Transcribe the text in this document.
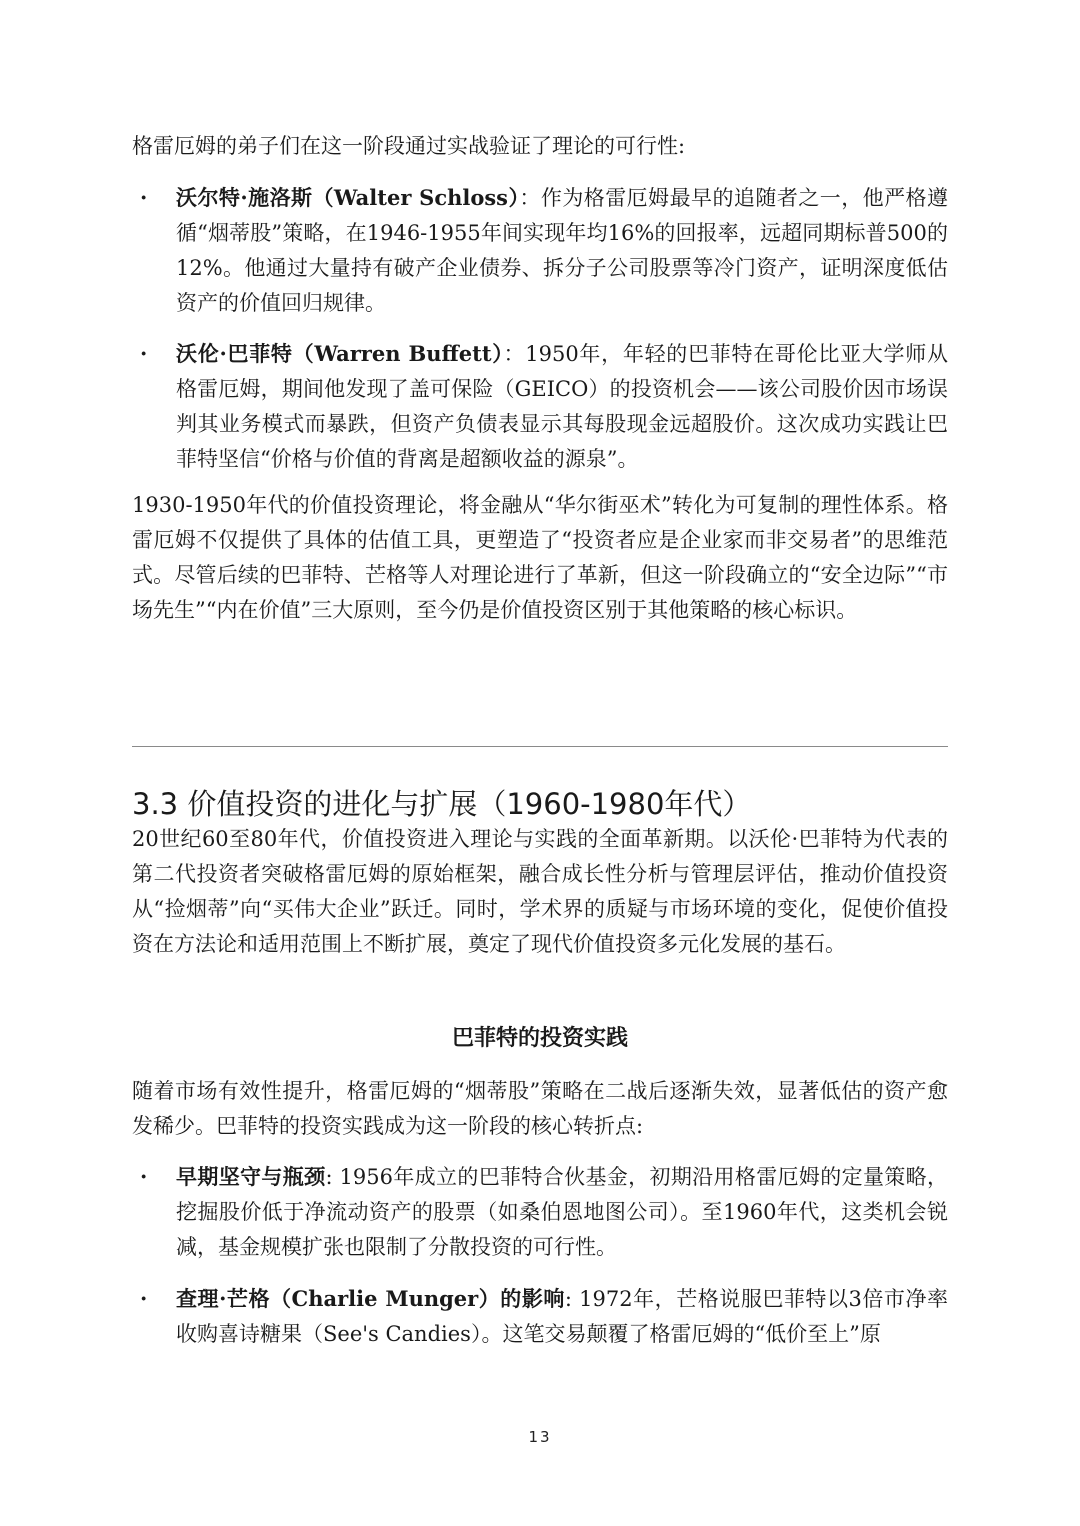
格雷厄姆的弟子们在这一阶段通过实战验证了理论的可行性:

· 沃尔特·施洛斯（Walter Schloss）：作为格雷厄姆最早的追随者之一，他严格遵循“烟蒂股”策略，在1946-1955年间实现年均16%的回报率，远超同期标普500的12%。他通过大量持有破产企业债券、拆分子公司股票等冷门资产，证明深度低估资产的价值回归规律。

· 沃伦·巴菲特（Warren Buffett）：1950年，年轻的巴菲特在哥伦比亚大学师从格雷厄姆，期间他发现了盖可保险（GEICO）的投资机会——该公司股价因市场误判其业务模式而暴跌，但资产负债表显示其每股现金远超股价。这次成功实践让巴菲特坚信“价格与价值的背离是超额收益的源泉”。

1930-1950年代的价值投资理论，将金融从“华尔街巫术”转化为可复制的理性体系。格雷厄姆不仅提供了具体的估值工具，更塑造了“投资者应是企业家而非交易者”的思维范式。尽管后续的巴菲特、芒格等人对理论进行了革新，但这一阶段确立的“安全边际”“市场先生”“内在价值”三大原则，至今仍是价值投资区别于其他策略的核心标识。

3.3 价值投资的进化与扩展（1960-1980年代）

20世纪60至80年代，价值投资进入理论与实践的全面革新期。以沃伦·巴菲特为代表的第二代投资者突破格雷厄姆的原始框架，融合成长性分析与管理层评估，推动价值投资从“捡烟蒂”向“买伟大企业”跃迁。同时，学术界的质疑与市场环境的变化，促使价值投资在方法论和适用范围上不断扩展，奠定了现代价值投资多元化发展的基石。

巴菲特的投资实践

随着市场有效性提升，格雷厄姆的“烟蒂股”策略在二战后逐渐失效，显著低估的资产愈发稀少。巴菲特的投资实践成为这一阶段的核心转折点:

· 早期坚守与瓶颈: 1956年成立的巴菲特合伙基金，初期沿用格雷厄姆的定量策略，挖掘股价低于净流动资产的股票（如桑伯恩地图公司）。至1960年代，这类机会锐减，基金规模扩张也限制了分散投资的可行性。

· 查理·芒格（Charlie Munger）的影响: 1972年，芒格说服巴菲特以3倍市净率收购喜诗糖果（See's Candies）。这笔交易颠覆了格雷厄姆的“低价至上”原

13
